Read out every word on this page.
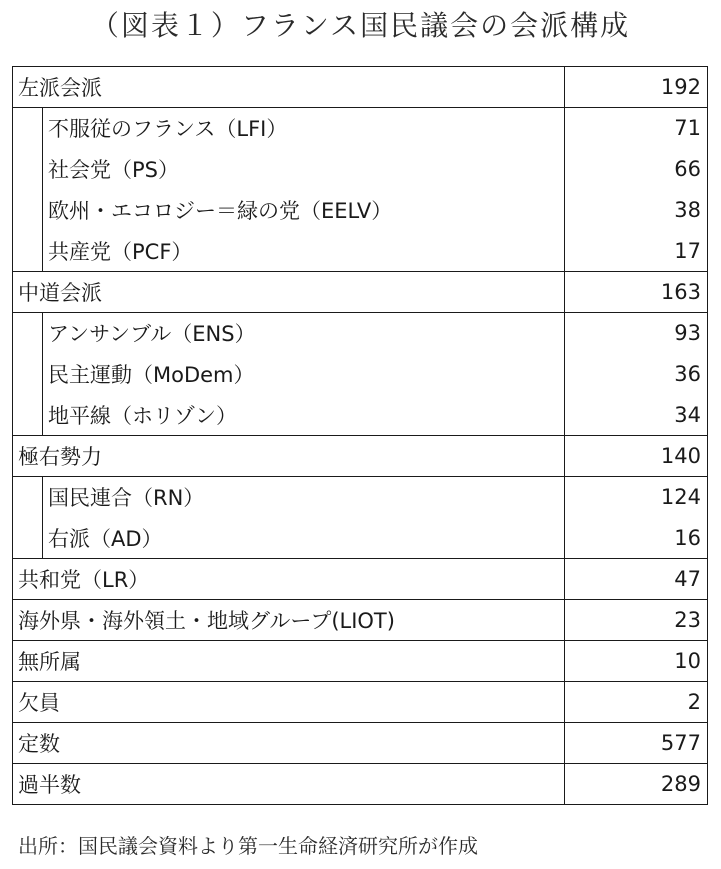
（図表１）フランス国民議会の会派構成
左派会派		192
	不服従のフランス（LFI）	71
	社会党（PS）	66
	欧州・エコロジー＝緑の党（EELV）	38
	共産党（PCF）	17
中道会派		163
	アンサンブル（ENS）	93
	民主運動（MoDem）	36
	地平線（ホリゾン）	34
極右勢力		140
	国民連合（RN）	124
	右派（AD）	16
共和党（LR）		47
海外県・海外領土・地域グループ(LIOT)		23
無所属		10
欠員		2
定数		577
過半数		289
出所：国民議会資料より第一生命経済研究所が作成
